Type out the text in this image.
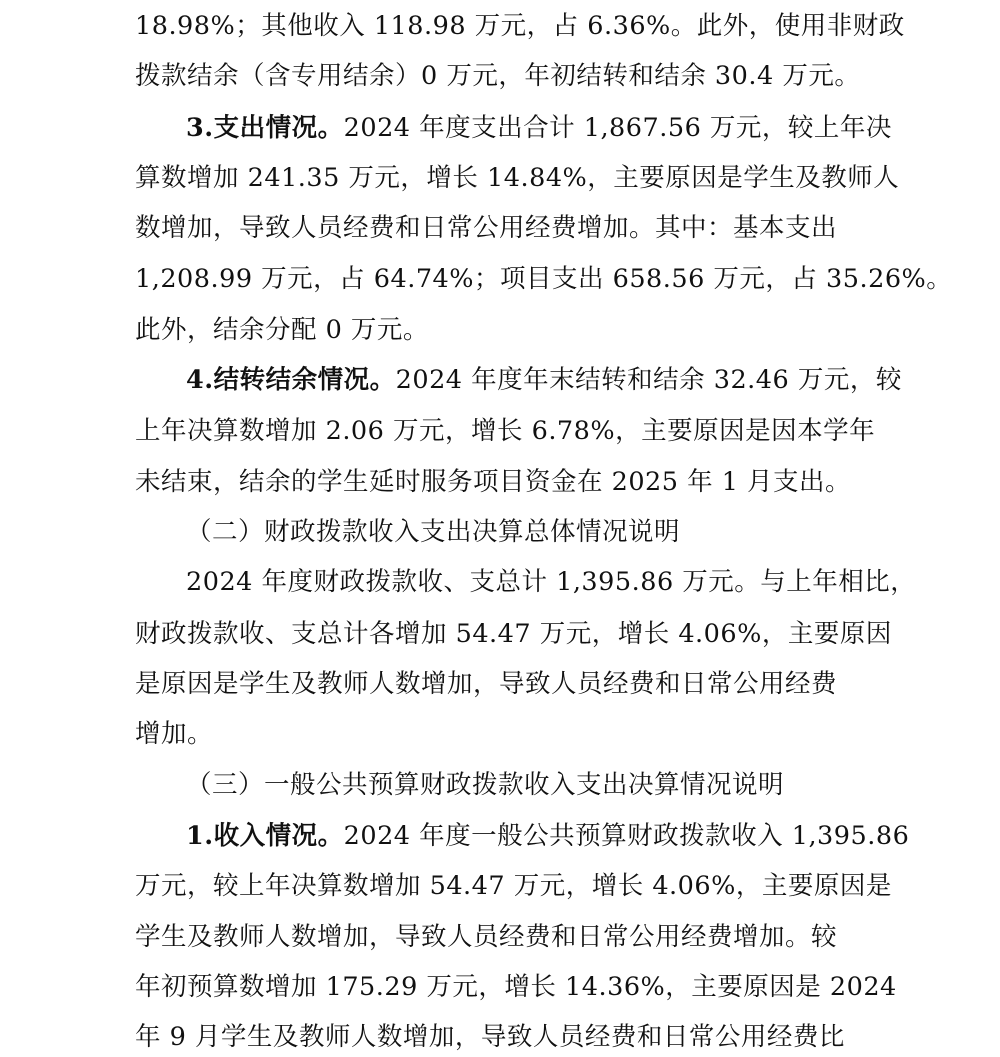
18.98%；其他收入 118.98 万元，占 6.36%。此外，使用非财政
拨款结余（含专用结余）0 万元，年初结转和结余 30.4 万元。
3.支出情况。2024 年度支出合计 1,867.56 万元，较上年决
算数增加 241.35 万元，增长 14.84%，主要原因是学生及教师人
数增加，导致人员经费和日常公用经费增加。其中：基本支出
1,208.99 万元，占 64.74%；项目支出 658.56 万元，占 35.26%。
此外，结余分配 0 万元。
4.结转结余情况。2024 年度年末结转和结余 32.46 万元，较
上年决算数增加 2.06 万元，增长 6.78%，主要原因是因本学年
未结束，结余的学生延时服务项目资金在 2025 年 1 月支出。
（二）财政拨款收入支出决算总体情况说明
2024 年度财政拨款收、支总计 1,395.86 万元。与上年相比，
财政拨款收、支总计各增加 54.47 万元，增长 4.06%，主要原因
是原因是学生及教师人数增加，导致人员经费和日常公用经费
增加。
（三）一般公共预算财政拨款收入支出决算情况说明
1.收入情况。2024 年度一般公共预算财政拨款收入 1,395.86
万元，较上年决算数增加 54.47 万元，增长 4.06%，主要原因是
学生及教师人数增加，导致人员经费和日常公用经费增加。较
年初预算数增加 175.29 万元，增长 14.36%，主要原因是 2024
年 9 月学生及教师人数增加，导致人员经费和日常公用经费比
